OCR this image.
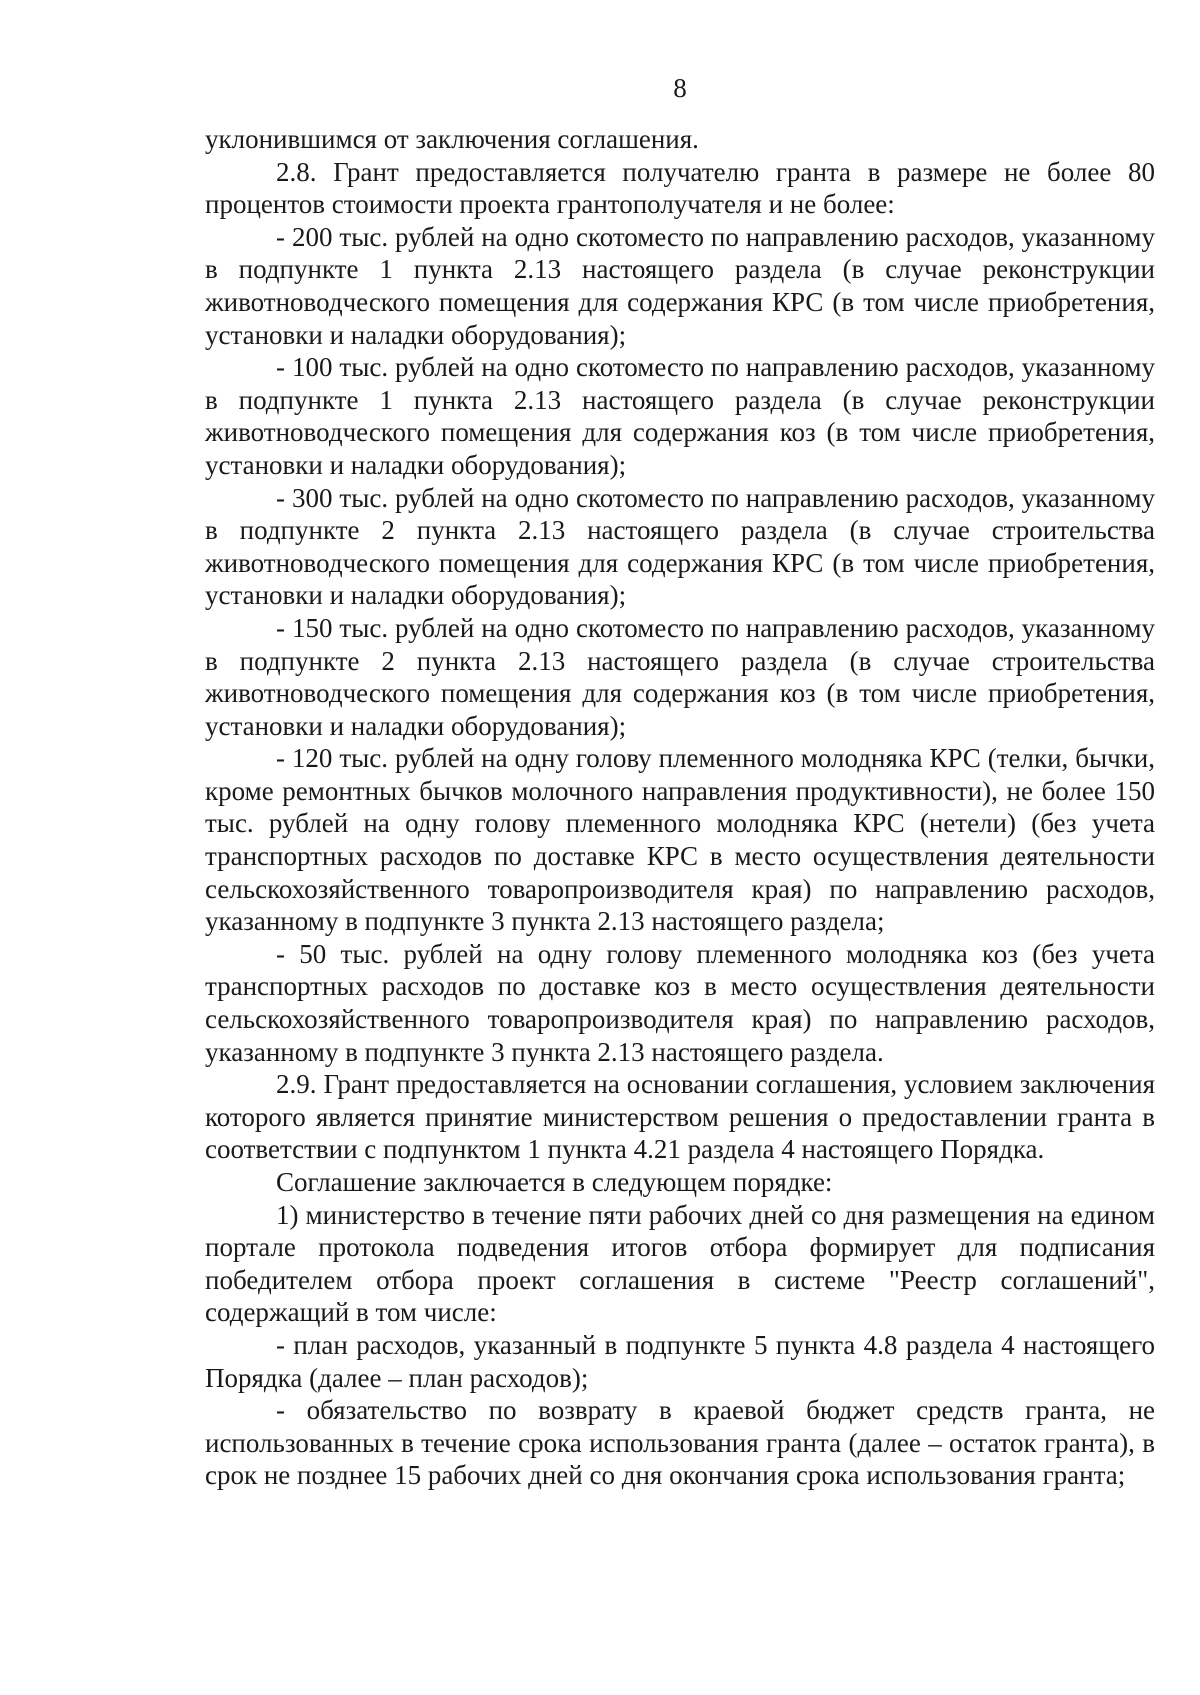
8

уклонившимся от заключения соглашения.

2.8. Грант предоставляется получателю гранта в размере не более 80 процентов стоимости проекта грантополучателя и не более:

- 200 тыс. рублей на одно скотоместо по направлению расходов, указанному в подпункте 1 пункта 2.13 настоящего раздела (в случае реконструкции животноводческого помещения для содержания КРС (в том числе приобретения, установки и наладки оборудования);

- 100 тыс. рублей на одно скотоместо по направлению расходов, указанному в подпункте 1 пункта 2.13 настоящего раздела (в случае реконструкции животноводческого помещения для содержания коз (в том числе приобретения, установки и наладки оборудования);

- 300 тыс. рублей на одно скотоместо по направлению расходов, указанному в подпункте 2 пункта 2.13 настоящего раздела (в случае строительства животноводческого помещения для содержания КРС (в том числе приобретения, установки и наладки оборудования);

- 150 тыс. рублей на одно скотоместо по направлению расходов, указанному в подпункте 2 пункта 2.13 настоящего раздела (в случае строительства животноводческого помещения для содержания коз (в том числе приобретения, установки и наладки оборудования);

- 120 тыс. рублей на одну голову племенного молодняка КРС (телки, бычки, кроме ремонтных бычков молочного направления продуктивности), не более 150 тыс. рублей на одну голову племенного молодняка КРС (нетели) (без учета транспортных расходов по доставке КРС в место осуществления деятельности сельскохозяйственного товаропроизводителя края) по направлению расходов, указанному в подпункте 3 пункта 2.13 настоящего раздела;

- 50 тыс. рублей на одну голову племенного молодняка коз (без учета транспортных расходов по доставке коз в место осуществления деятельности сельскохозяйственного товаропроизводителя края) по направлению расходов, указанному в подпункте 3 пункта 2.13 настоящего раздела.

2.9. Грант предоставляется на основании соглашения, условием заключения которого является принятие министерством решения о предоставлении гранта в соответствии с подпунктом 1 пункта 4.21 раздела 4 настоящего Порядка.

Соглашение заключается в следующем порядке:

1) министерство в течение пяти рабочих дней со дня размещения на едином портале протокола подведения итогов отбора формирует для подписания победителем отбора проект соглашения в системе "Реестр соглашений", содержащий в том числе:

- план расходов, указанный в подпункте 5 пункта 4.8 раздела 4 настоящего Порядка (далее – план расходов);

- обязательство по возврату в краевой бюджет средств гранта, не использованных в течение срока использования гранта (далее – остаток гранта), в срок не позднее 15 рабочих дней со дня окончания срока использования гранта;
